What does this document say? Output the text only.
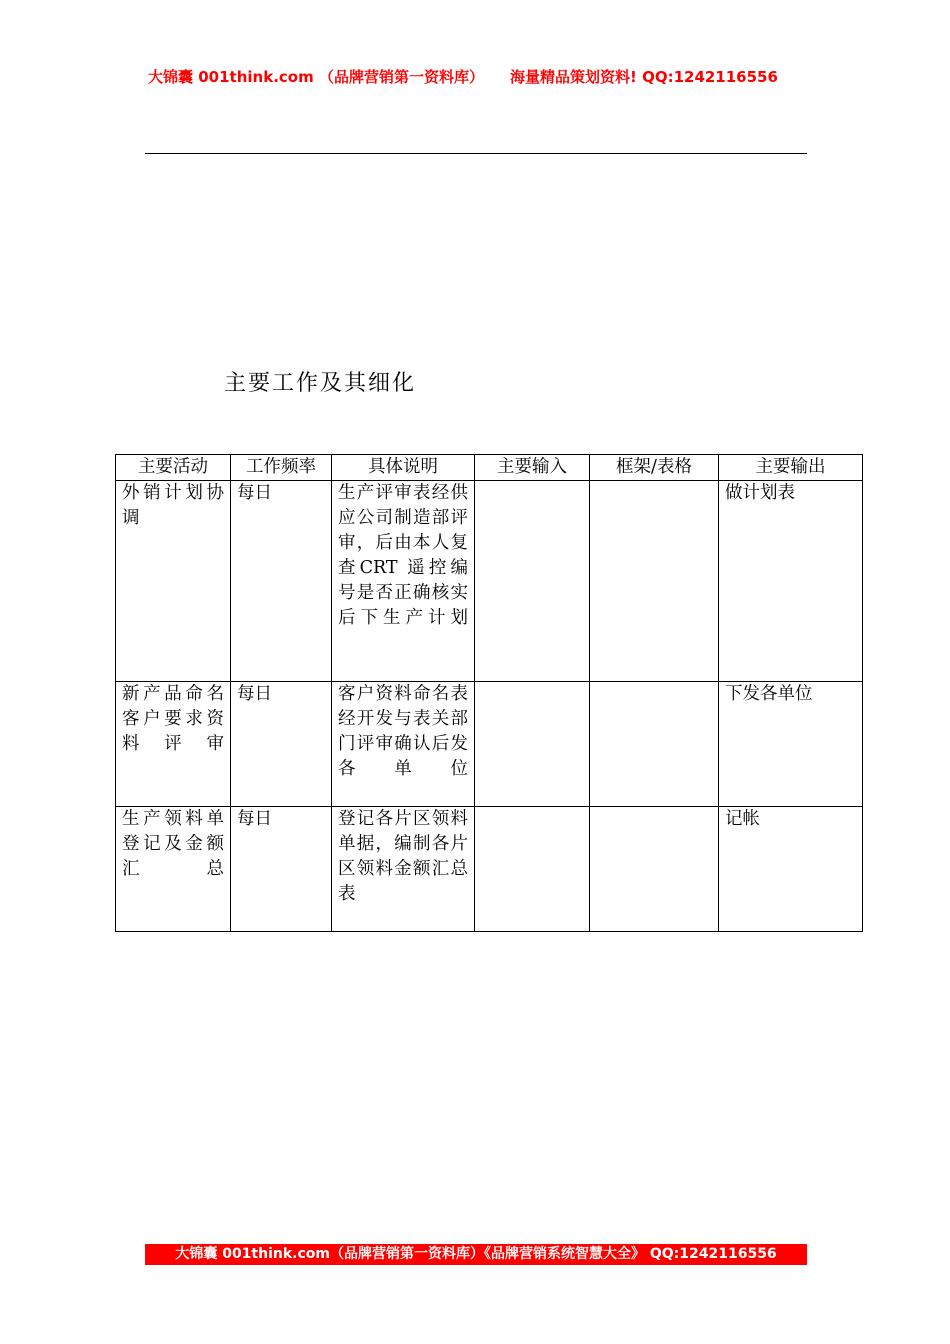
大锦囊 001think.com （品牌营销第一资料库） 海量精品策划资料! QQ:1242116556
主要工作及其细化
主要活动	工作频率	具体说明	主要输入	框架/表格	主要输出
外销计划协调	每日	生产评审表经供应公司制造部评审，后由本人复查CRT 遥控编号是否正确核实后下生产计划			做计划表
新产品命名客户要求资料评审	每日	客户资料命名表经开发与表关部门评审确认后发各单位			下发各单位
生产领料单登记及金额汇总	每日	登记各片区领料单据，编制各片区领料金额汇总表			记帐
大锦囊 001think.com（品牌营销第一资料库）《品牌营销系统智慧大全》 QQ:1242116556
